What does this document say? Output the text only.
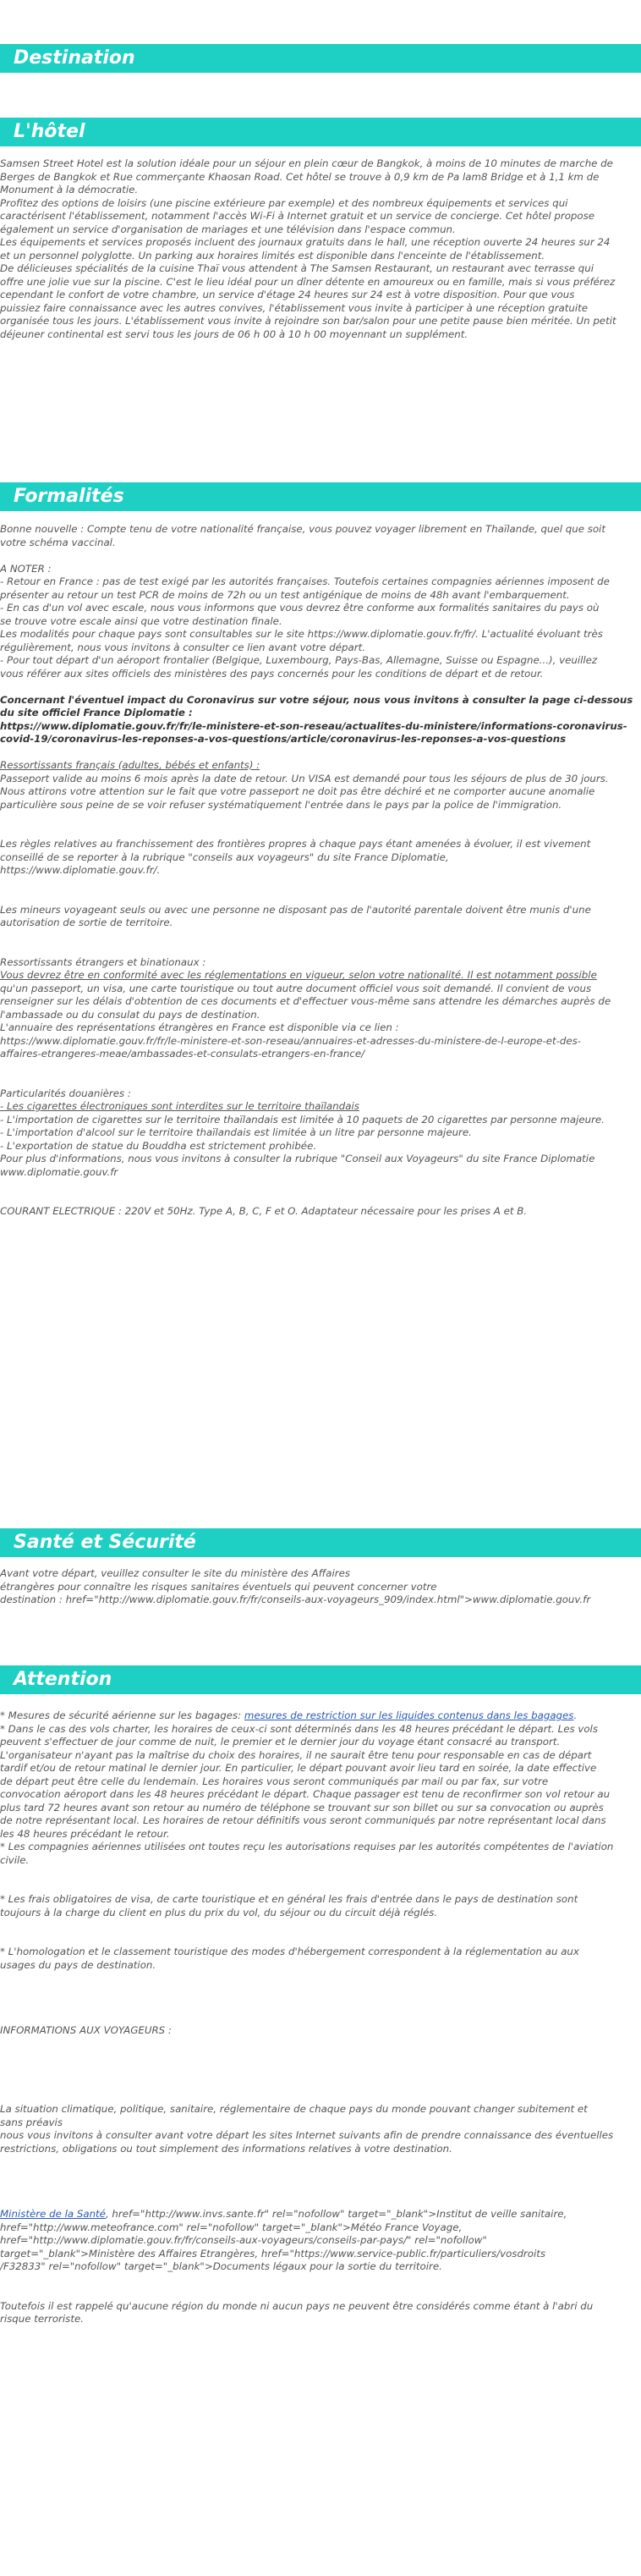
Destination
L'hôtel
Samsen Street Hotel est la solution idéale pour un séjour en plein cœur de Bangkok, à moins de 10 minutes de marche de
Berges de Bangkok et Rue commerçante Khaosan Road. Cet hôtel se trouve à 0,9 km de Pa lam8 Bridge et à 1,1 km de
Monument à la démocratie.
Profitez des options de loisirs (une piscine extérieure par exemple) et des nombreux équipements et services qui
caractérisent l'établissement, notamment l'accès Wi-Fi à Internet gratuit et un service de concierge. Cet hôtel propose
également un service d'organisation de mariages et une télévision dans l'espace commun.
Les équipements et services proposés incluent des journaux gratuits dans le hall, une réception ouverte 24 heures sur 24
et un personnel polyglotte. Un parking aux horaires limités est disponible dans l'enceinte de l'établissement.
De délicieuses spécialités de la cuisine Thaï vous attendent à The Samsen Restaurant, un restaurant avec terrasse qui
offre une jolie vue sur la piscine. C'est le lieu idéal pour un dîner détente en amoureux ou en famille, mais si vous préférez
cependant le confort de votre chambre, un service d'étage 24 heures sur 24 est à votre disposition. Pour que vous
puissiez faire connaissance avec les autres convives, l'établissement vous invite à participer à une réception gratuite
organisée tous les jours. L'établissement vous invite à rejoindre son bar/salon pour une petite pause bien méritée. Un petit
déjeuner continental est servi tous les jours de 06 h 00 à 10 h 00 moyennant un supplément.
Formalités
Bonne nouvelle : Compte tenu de votre nationalité française, vous pouvez voyager librement en Thaïlande, quel que soit
votre schéma vaccinal.
A NOTER :
- Retour en France : pas de test exigé par les autorités françaises. Toutefois certaines compagnies aériennes imposent de
présenter au retour un test PCR de moins de 72h ou un test antigénique de moins de 48h avant l'embarquement.
- En cas d'un vol avec escale, nous vous informons que vous devrez être conforme aux formalités sanitaires du pays où
se trouve votre escale ainsi que votre destination finale.
Les modalités pour chaque pays sont consultables sur le site https://www.diplomatie.gouv.fr/fr/. L'actualité évoluant très
régulièrement, nous vous invitons à consulter ce lien avant votre départ.
- Pour tout départ d'un aéroport frontalier (Belgique, Luxembourg, Pays-Bas, Allemagne, Suisse ou Espagne...), veuillez
vous référer aux sites officiels des ministères des pays concernés pour les conditions de départ et de retour.
Concernant l'éventuel impact du Coronavirus sur votre séjour, nous vous invitons à consulter la page ci-dessous
du site officiel France Diplomatie :
https://www.diplomatie.gouv.fr/fr/le-ministere-et-son-reseau/actualites-du-ministere/informations-coronavirus-
covid-19/coronavirus-les-reponses-a-vos-questions/article/coronavirus-les-reponses-a-vos-questions
Ressortissants français (adultes, bébés et enfants) :
Passeport valide au moins 6 mois après la date de retour. Un VISA est demandé pour tous les séjours de plus de 30 jours.
Nous attirons votre attention sur le fait que votre passeport ne doit pas être déchiré et ne comporter aucune anomalie
particulière sous peine de se voir refuser systématiquement l'entrée dans le pays par la police de l'immigration.
Les règles relatives au franchissement des frontières propres à chaque pays étant amenées à évoluer, il est vivement
conseillé de se reporter à la rubrique "conseils aux voyageurs" du site France Diplomatie,
https://www.diplomatie.gouv.fr/.
Les mineurs voyageant seuls ou avec une personne ne disposant pas de l'autorité parentale doivent être munis d'une
autorisation de sortie de territoire.
Ressortissants étrangers et binationaux :
Vous devrez être en conformité avec les réglementations en vigueur, selon votre nationalité. Il est notamment possible
qu'un passeport, un visa, une carte touristique ou tout autre document officiel vous soit demandé. Il convient de vous
renseigner sur les délais d'obtention de ces documents et d'effectuer vous-même sans attendre les démarches auprès de
l'ambassade ou du consulat du pays de destination.
L'annuaire des représentations étrangères en France est disponible via ce lien :
https://www.diplomatie.gouv.fr/fr/le-ministere-et-son-reseau/annuaires-et-adresses-du-ministere-de-l-europe-et-des-
affaires-etrangeres-meae/ambassades-et-consulats-etrangers-en-france/
Particularités douanières :
- Les cigarettes électroniques sont interdites sur le territoire thaïlandais
- L'importation de cigarettes sur le territoire thaïlandais est limitée à 10 paquets de 20 cigarettes par personne majeure.
- L'importation d'alcool sur le territoire thaïlandais est limitée à un litre par personne majeure.
- L'exportation de statue du Bouddha est strictement prohibée.
Pour plus d'informations, nous vous invitons à consulter la rubrique "Conseil aux Voyageurs" du site France Diplomatie
www.diplomatie.gouv.fr
COURANT ELECTRIQUE : 220V et 50Hz. Type A, B, C, F et O. Adaptateur nécessaire pour les prises A et B.
Santé et Sécurité
Avant votre départ, veuillez consulter le site du ministère des Affaires
étrangères pour connaître les risques sanitaires éventuels qui peuvent concerner votre
destination : href="http://www.diplomatie.gouv.fr/fr/conseils-aux-voyageurs_909/index.html">www.diplomatie.gouv.fr
Attention
* Mesures de sécurité aérienne sur les bagages: mesures de restriction sur les liquides contenus dans les bagages.
* Dans le cas des vols charter, les horaires de ceux-ci sont déterminés dans les 48 heures précédant le départ. Les vols
peuvent s'effectuer de jour comme de nuit, le premier et le dernier jour du voyage étant consacré au transport.
L'organisateur n'ayant pas la maîtrise du choix des horaires, il ne saurait être tenu pour responsable en cas de départ
tardif et/ou de retour matinal le dernier jour. En particulier, le départ pouvant avoir lieu tard en soirée, la date effective
de départ peut être celle du lendemain. Les horaires vous seront communiqués par mail ou par fax, sur votre
convocation aéroport dans les 48 heures précédant le départ. Chaque passager est tenu de reconfirmer son vol retour au
plus tard 72 heures avant son retour au numéro de téléphone se trouvant sur son billet ou sur sa convocation ou auprès
de notre représentant local. Les horaires de retour définitifs vous seront communiqués par notre représentant local dans
les 48 heures précédant le retour.
* Les compagnies aériennes utilisées ont toutes reçu les autorisations requises par les autorités compétentes de l'aviation
civile.
* Les frais obligatoires de visa, de carte touristique et en général les frais d'entrée dans le pays de destination sont
toujours à la charge du client en plus du prix du vol, du séjour ou du circuit déjà réglés.
* L'homologation et le classement touristique des modes d'hébergement correspondent à la réglementation au aux
usages du pays de destination.
INFORMATIONS AUX VOYAGEURS :
La situation climatique, politique, sanitaire, réglementaire de chaque pays du monde pouvant changer subitement et
sans préavis
nous vous invitons à consulter avant votre départ les sites Internet suivants afin de prendre connaissance des éventuelles
restrictions, obligations ou tout simplement des informations relatives à votre destination.
Ministère de la Santé, href="http://www.invs.sante.fr" rel="nofollow" target="_blank">Institut de veille sanitaire,
href="http://www.meteofrance.com" rel="nofollow" target="_blank">Météo France Voyage,
href="http://www.diplomatie.gouv.fr/fr/conseils-aux-voyageurs/conseils-par-pays/" rel="nofollow"
target="_blank">Ministère des Affaires Etrangères, href="https://www.service-public.fr/particuliers/vosdroits
/F32833" rel="nofollow" target="_blank">Documents légaux pour la sortie du territoire.
Toutefois il est rappelé qu'aucune région du monde ni aucun pays ne peuvent être considérés comme étant à l'abri du
risque terroriste.
